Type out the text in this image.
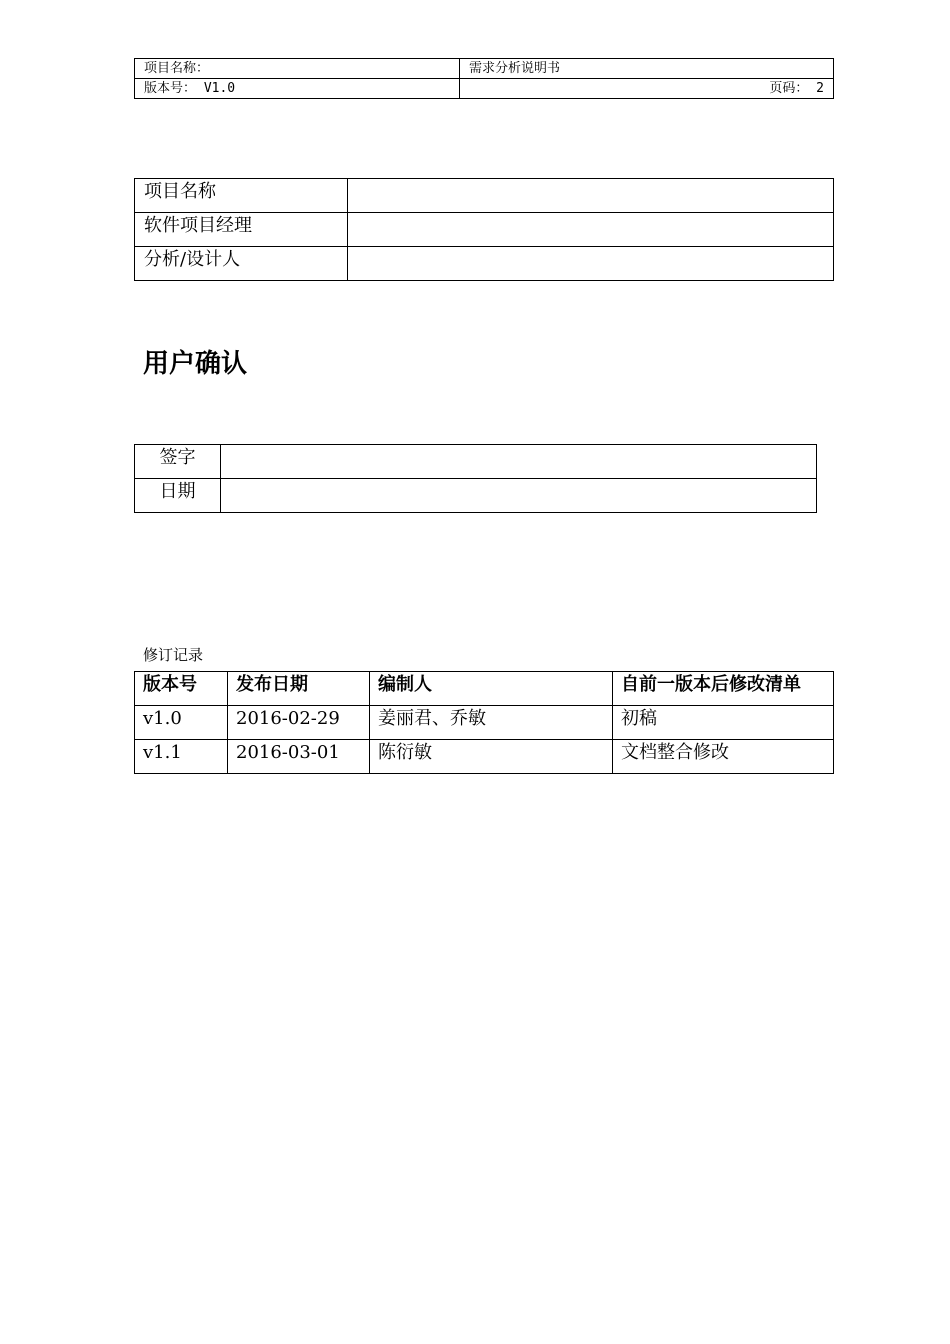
项目名称：	需求分析说明书
版本号： V1.0	页码： 2
项目名称	
软件项目经理	
分析/设计人	
用户确认
签字	
日期	

修订记录

版本号	发布日期	编制人	自前一版本后修改清单
v1.0	2016-02-29	姜丽君、乔敏	初稿
v1.1	2016-03-01	陈衍敏	文档整合修改
